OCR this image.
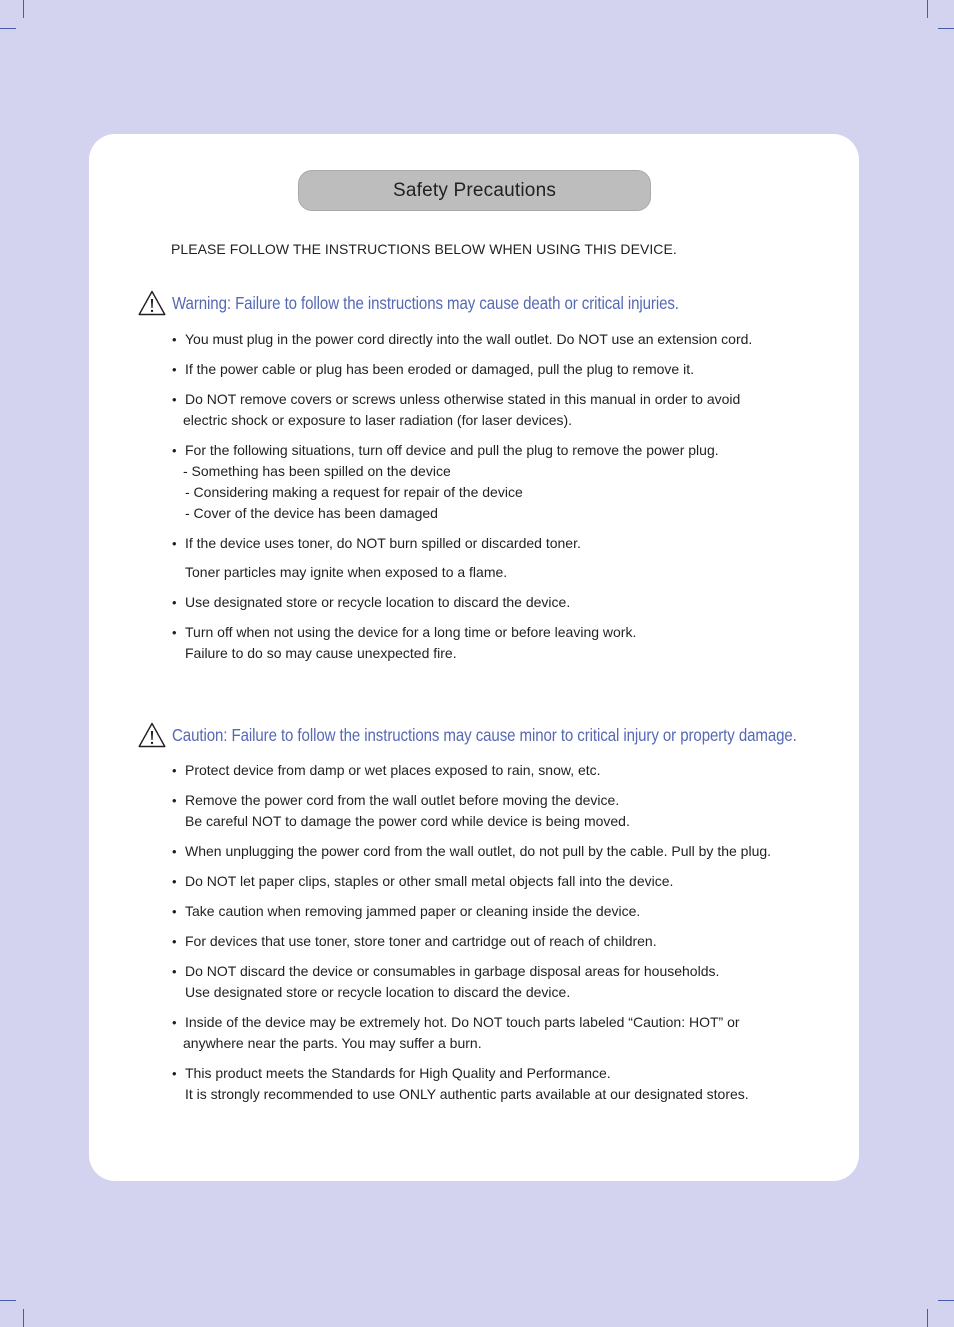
Safety Precautions
PLEASE FOLLOW THE INSTRUCTIONS BELOW WHEN USING THIS DEVICE.
Warning: Failure to follow the instructions may cause death or critical injuries.
• You must plug in the power cord directly into the wall outlet. Do NOT use an extension cord.
• If the power cable or plug has been eroded or damaged, pull the plug to remove it.
• Do NOT remove covers or screws unless otherwise stated in this manual in order to avoid
electric shock or exposure to laser radiation (for laser devices).
• For the following situations, turn off device and pull the plug to remove the power plug.
- Something has been spilled on the device
- Considering making a request for repair of the device
- Cover of the device has been damaged
• If the device uses toner, do NOT burn spilled or discarded toner.
Toner particles may ignite when exposed to a flame.
• Use designated store or recycle location to discard the device.
• Turn off when not using the device for a long time or before leaving work.
Failure to do so may cause unexpected fire.
Caution: Failure to follow the instructions may cause minor to critical injury or property damage.
• Protect device from damp or wet places exposed to rain, snow, etc.
• Remove the power cord from the wall outlet before moving the device.
Be careful NOT to damage the power cord while device is being moved.
• When unplugging the power cord from the wall outlet, do not pull by the cable. Pull by the plug.
• Do NOT let paper clips, staples or other small metal objects fall into the device.
• Take caution when removing jammed paper or cleaning inside the device.
• For devices that use toner, store toner and cartridge out of reach of children.
• Do NOT discard the device or consumables in garbage disposal areas for households.
Use designated store or recycle location to discard the device.
• Inside of the device may be extremely hot. Do NOT touch parts labeled “Caution: HOT” or
anywhere near the parts. You may suffer a burn.
• This product meets the Standards for High Quality and Performance.
It is strongly recommended to use ONLY authentic parts available at our designated stores.
